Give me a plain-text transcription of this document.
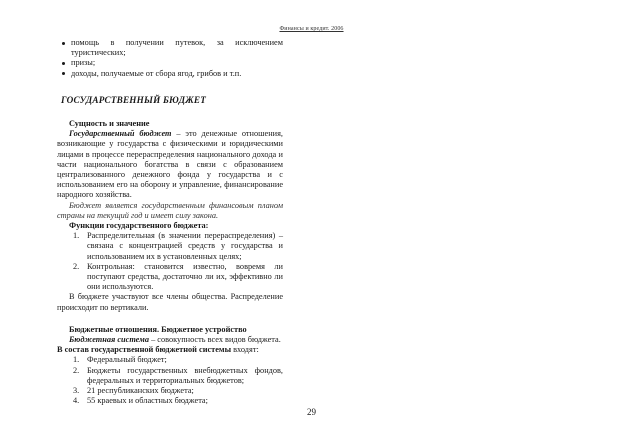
Финансы и кредит. 2006
помощь в получении путевок, за исключением туристических;
призы;
доходы, получаемые от сбора ягод, грибов и т.п.
ГОСУДАРСТВЕННЫЙ БЮДЖЕТ
Сущность и значение
Государственный бюджет – это денежные отношения, возникающие у государства с физическими и юридическими лицами в процессе перераспределения национального дохода и части национального богатства в связи с образованием централизованного денежного фонда у государства и с использованием его на оборону и управление, финансирование народного хозяйства.
Бюджет является государственным финансовым планом страны на текущий год и имеет силу закона.
Функции государственного бюджета:
1. Распределительная (в значении перераспределения) – связана с концентрацией средств у государства и использованием их в установленных целях;
2. Контрольная: становится известно, вовремя ли поступают средства, достаточно ли их, эффективно ли они используются.
В бюджете участвуют все члены общества. Распределение происходит по вертикали.
Бюджетные отношения. Бюджетное устройство
Бюджетная система – совокупность всех видов бюджета.
В состав государственной бюджетной системы входят:
1. Федеральный бюджет;
2. Бюджеты государственных внебюджетных фондов, федеральных и территориальных бюджетов;
3. 21 республиканских бюджета;
4. 55 краевых и областных бюджета;
29
